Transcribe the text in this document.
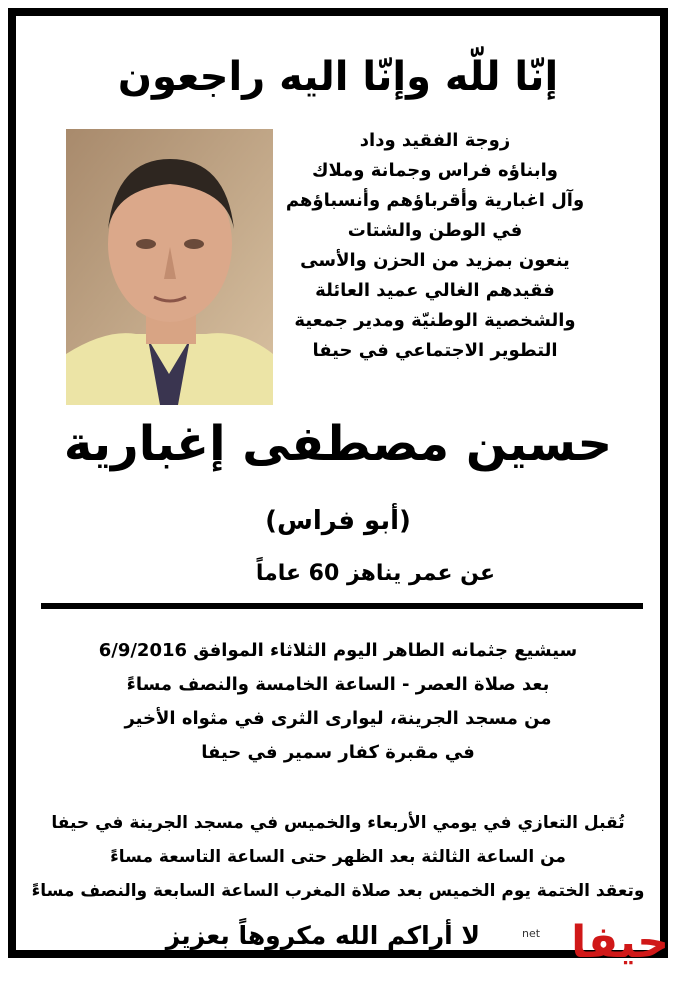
إنّا للّه وإنّا اليه راجعون
زوجة الفقيد وداد
وابناؤه فراس وجمانة وملاك
وآل اغبارية وأقرباؤهم وأنسباؤهم
في الوطن والشتات
ينعون بمزيد من الحزن والأسى
فقيدهم الغالي عميد العائلة
والشخصية الوطنيّة ومدير جمعية
التطوير الاجتماعي في حيفا
حسين مصطفى إغبارية
(أبو فراس)
عن عمر يناهز 60 عاماً
سيشيع جثمانه الطاهر اليوم الثلاثاء الموافق 6/9/2016
بعد صلاة العصر - الساعة الخامسة والنصف مساءً
من مسجد الجرينة، ليوارى الثرى في مثواه الأخير
في مقبرة كفار سمير في حيفا
تُقبل التعازي في يومي الأربعاء والخميس في مسجد الجرينة في حيفا
من الساعة الثالثة بعد الظهر حتى الساعة التاسعة مساءً
وتعقد الختمة يوم الخميس بعد صلاة المغرب الساعة السابعة والنصف مساءً
لا أراكم الله مكروهاً بعزيز حيفا
net
